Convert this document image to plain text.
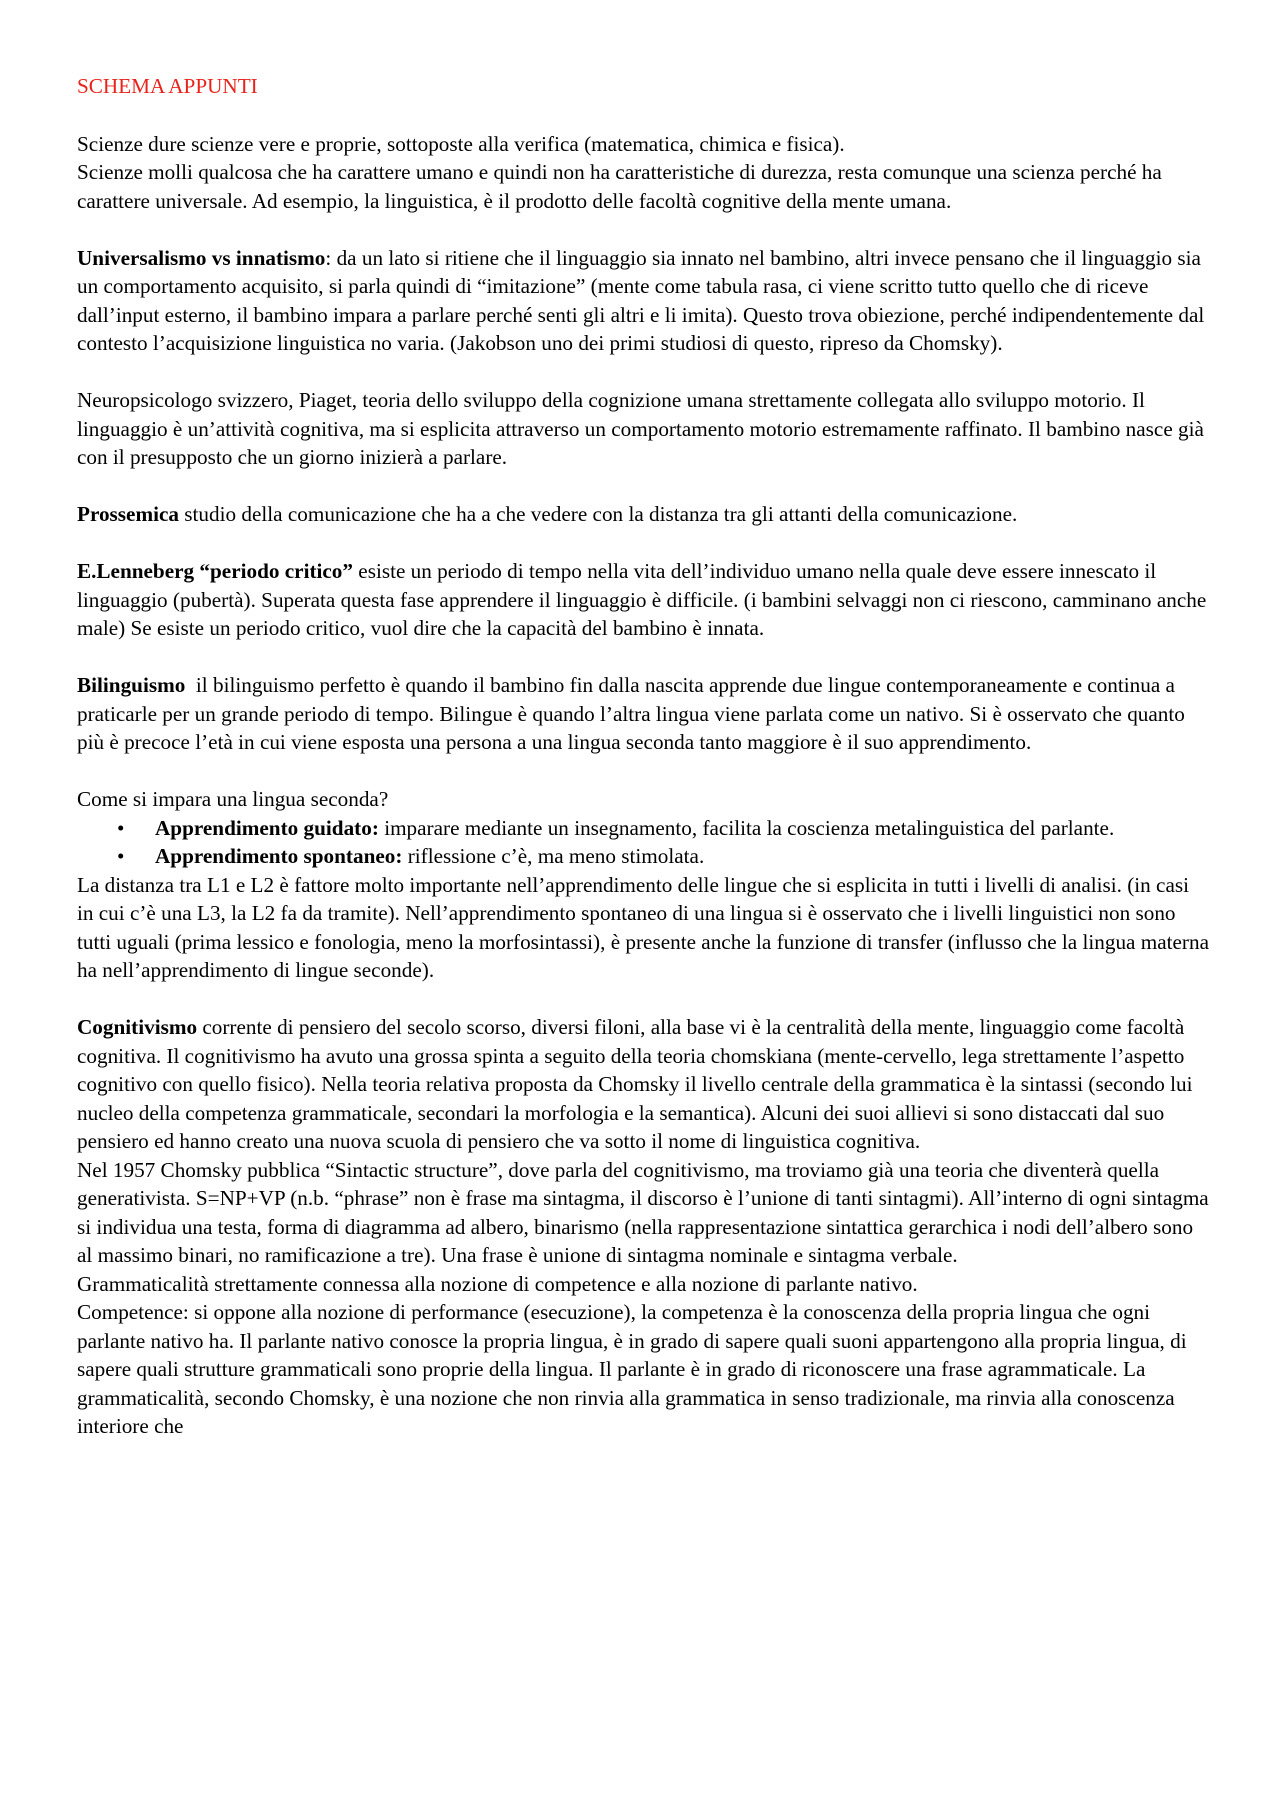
SCHEMA APPUNTI

Scienze dure scienze vere e proprie, sottoposte alla verifica (matematica, chimica e fisica).

Scienze molli qualcosa che ha carattere umano e quindi non ha caratteristiche di durezza, resta comunque una scienza perché ha carattere universale. Ad esempio, la linguistica, è il prodotto delle facoltà cognitive della mente umana.

Universalismo vs innatismo: da un lato si ritiene che il linguaggio sia innato nel bambino, altri invece pensano che il linguaggio sia un comportamento acquisito, si parla quindi di “imitazione” (mente come tabula rasa, ci viene scritto tutto quello che di riceve dall’input esterno, il bambino impara a parlare perché senti gli altri e li imita). Questo trova obiezione, perché indipendentemente dal contesto l’acquisizione linguistica no varia. (Jakobson uno dei primi studiosi di questo, ripreso da Chomsky).

Neuropsicologo svizzero, Piaget, teoria dello sviluppo della cognizione umana strettamente collegata allo sviluppo motorio. Il linguaggio è un’attività cognitiva, ma si esplicita attraverso un comportamento motorio estremamente raffinato. Il bambino nasce già con il presupposto che un giorno inizierà a parlare.

Prossemica studio della comunicazione che ha a che vedere con la distanza tra gli attanti della comunicazione.

E.Lenneberg “periodo critico” esiste un periodo di tempo nella vita dell’individuo umano nella quale deve essere innescato il linguaggio (pubertà). Superata questa fase apprendere il linguaggio è difficile. (i bambini selvaggi non ci riescono, camminano anche male) Se esiste un periodo critico, vuol dire che la capacità del bambino è innata.

Bilinguismo  il bilinguismo perfetto è quando il bambino fin dalla nascita apprende due lingue contemporaneamente e continua a praticarle per un grande periodo di tempo. Bilingue è quando l’altra lingua viene parlata come un nativo. Si è osservato che quanto più è precoce l’età in cui viene esposta una persona a una lingua seconda tanto maggiore è il suo apprendimento.

Come si impara una lingua seconda?

• Apprendimento guidato: imparare mediante un insegnamento, facilita la coscienza metalinguistica del parlante.
• Apprendimento spontaneo: riflessione c’è, ma meno stimolata.

La distanza tra L1 e L2 è fattore molto importante nell’apprendimento delle lingue che si esplicita in tutti i livelli di analisi. (in casi in cui c’è una L3, la L2 fa da tramite). Nell’apprendimento spontaneo di una lingua si è osservato che i livelli linguistici non sono tutti uguali (prima lessico e fonologia, meno la morfosintassi), è presente anche la funzione di transfer (influsso che la lingua materna ha nell’apprendimento di lingue seconde).

Cognitivismo corrente di pensiero del secolo scorso, diversi filoni, alla base vi è la centralità della mente, linguaggio come facoltà cognitiva. Il cognitivismo ha avuto una grossa spinta a seguito della teoria chomskiana (mente-cervello, lega strettamente l’aspetto cognitivo con quello fisico). Nella teoria relativa proposta da Chomsky il livello centrale della grammatica è la sintassi (secondo lui nucleo della competenza grammaticale, secondari la morfologia e la semantica). Alcuni dei suoi allievi si sono distaccati dal suo pensiero ed hanno creato una nuova scuola di pensiero che va sotto il nome di linguistica cognitiva.

Nel 1957 Chomsky pubblica “Sintactic structure”, dove parla del cognitivismo, ma troviamo già una teoria che diventerà quella generativista. S=NP+VP (n.b. “phrase” non è frase ma sintagma, il discorso è l’unione di tanti sintagmi). All’interno di ogni sintagma si individua una testa, forma di diagramma ad albero, binarismo (nella rappresentazione sintattica gerarchica i nodi dell’albero sono al massimo binari, no ramificazione a tre). Una frase è unione di sintagma nominale e sintagma verbale.

Grammaticalità strettamente connessa alla nozione di competence e alla nozione di parlante nativo.

Competence: si oppone alla nozione di performance (esecuzione), la competenza è la conoscenza della propria lingua che ogni parlante nativo ha. Il parlante nativo conosce la propria lingua, è in grado di sapere quali suoni appartengono alla propria lingua, di sapere quali strutture grammaticali sono proprie della lingua. Il parlante è in grado di riconoscere una frase agrammaticale. La grammaticalità, secondo Chomsky, è una nozione che non rinvia alla grammatica in senso tradizionale, ma rinvia alla conoscenza interiore che
